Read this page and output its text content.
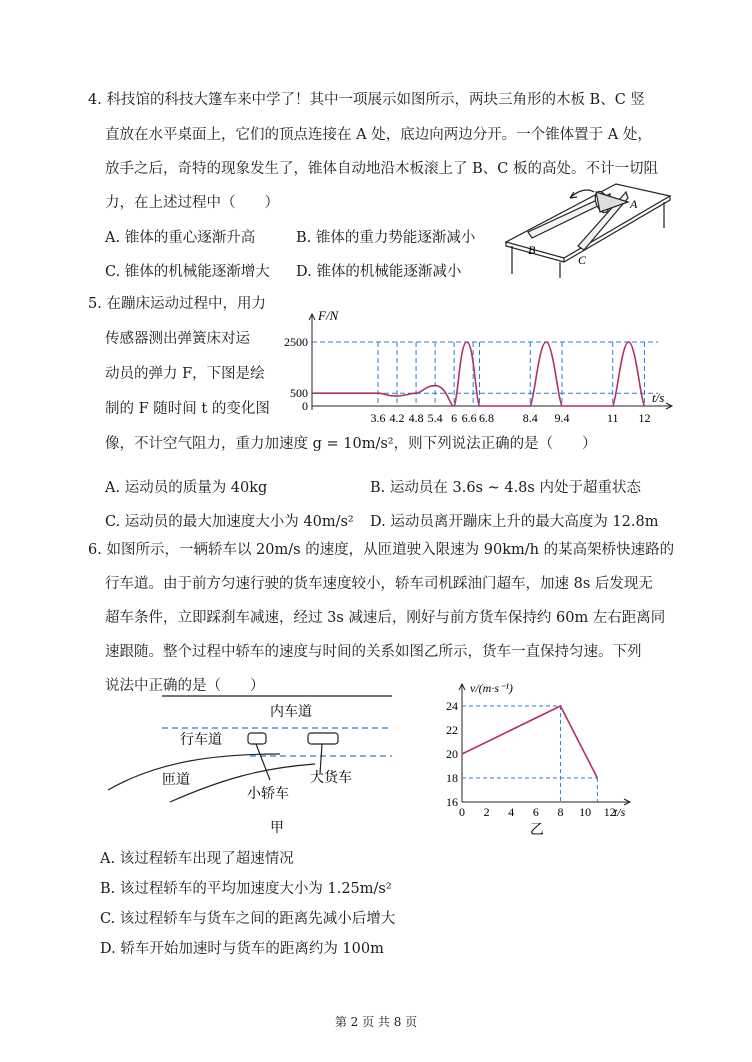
4. 科技馆的科技大篷车来中学了！其中一项展示如图所示，两块三角形的木板 B、C 竖
直放在水平桌面上，它们的顶点连接在 A 处，底边向两边分开。一个锥体置于 A 处，
放手之后，奇特的现象发生了，锥体自动地沿木板滚上了 B、C 板的高处。不计一切阻
力，在上述过程中（　　）
A. 锥体的重心逐渐升高	B. 锥体的重力势能逐渐减小
C. 锥体的机械能逐渐增大 D. 锥体的机械能逐渐减小
A
B
C
5. 在蹦床运动过程中，用力
传感器测出弹簧床对运
动员的弹力 F，下图是绘
制的 F 随时间 t 的变化图
像，不计空气阻力，重力加速度 g = 10m/s²，则下列说法正确的是（　　）
A. 运动员的质量为 40kg	B. 运动员在 3.6s ~ 4.8s 内处于超重状态
C. 运动员的最大加速度大小为 40m/s² D. 运动员离开蹦床上升的最大高度为 12.8m
3.6 4.2 4.8 5.4 6 6.6 6.8 8.4 9.4	11 12
2500
500
0
F/N
t/s
6. 如图所示，一辆轿车以 20m/s 的速度，从匝道驶入限速为 90km/h 的某高架桥快速路的
行车道。由于前方匀速行驶的货车速度较小，轿车司机踩油门超车，加速 8s 后发现无
超车条件，立即踩刹车减速，经过 3s 减速后，刚好与前方货车保持约 60m 左右距离同
速跟随。整个过程中轿车的速度与时间的关系如图乙所示，货车一直保持匀速。下列
说法中正确的是（　　）
内车道
行车道
匝道
小轿车
大货车
甲
0 2 4 6 8 10 12
16
18
20
22
24
v/(m·s⁻¹)
t/s
乙
A. 该过程轿车出现了超速情况
B. 该过程轿车的平均加速度大小为 1.25m/s²
C. 该过程轿车与货车之间的距离先减小后增大
D. 轿车开始加速时与货车的距离约为 100m
第 2 页 共 8 页
